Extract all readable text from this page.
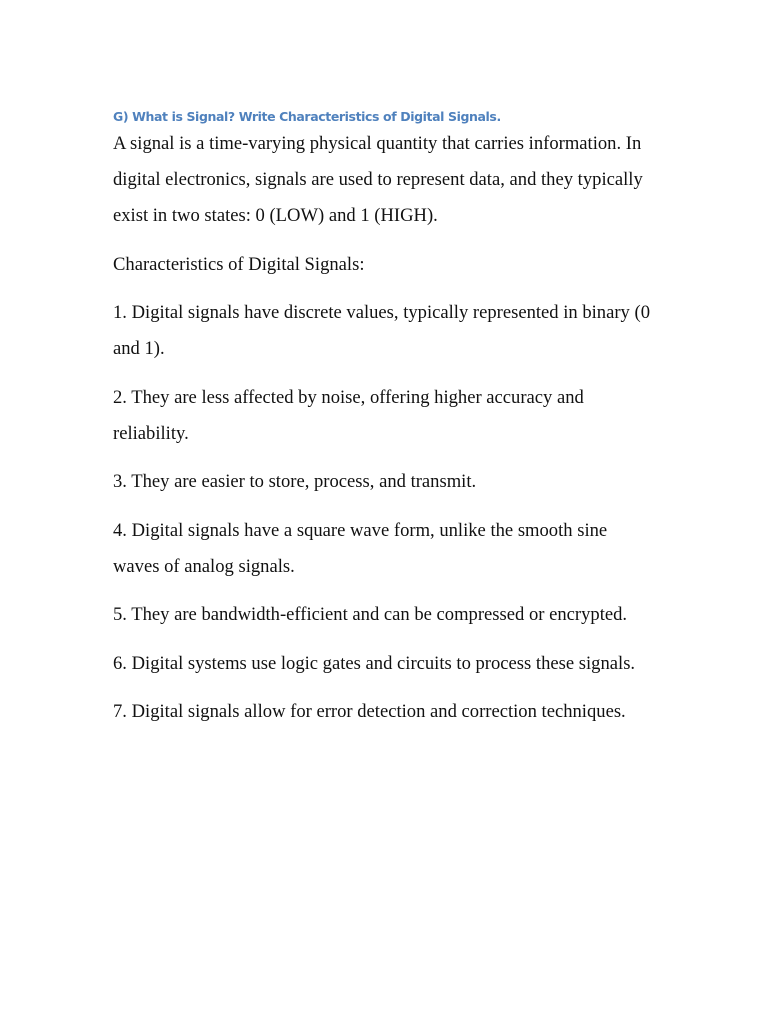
G) What is Signal? Write Characteristics of Digital Signals.

A signal is a time-varying physical quantity that carries information. In digital electronics, signals are used to represent data, and they typically exist in two states: 0 (LOW) and 1 (HIGH).

Characteristics of Digital Signals:

1. Digital signals have discrete values, typically represented in binary (0 and 1).

2. They are less affected by noise, offering higher accuracy and reliability.

3. They are easier to store, process, and transmit.

4. Digital signals have a square wave form, unlike the smooth sine waves of analog signals.

5. They are bandwidth-efficient and can be compressed or encrypted.

6. Digital systems use logic gates and circuits to process these signals.

7. Digital signals allow for error detection and correction techniques.
